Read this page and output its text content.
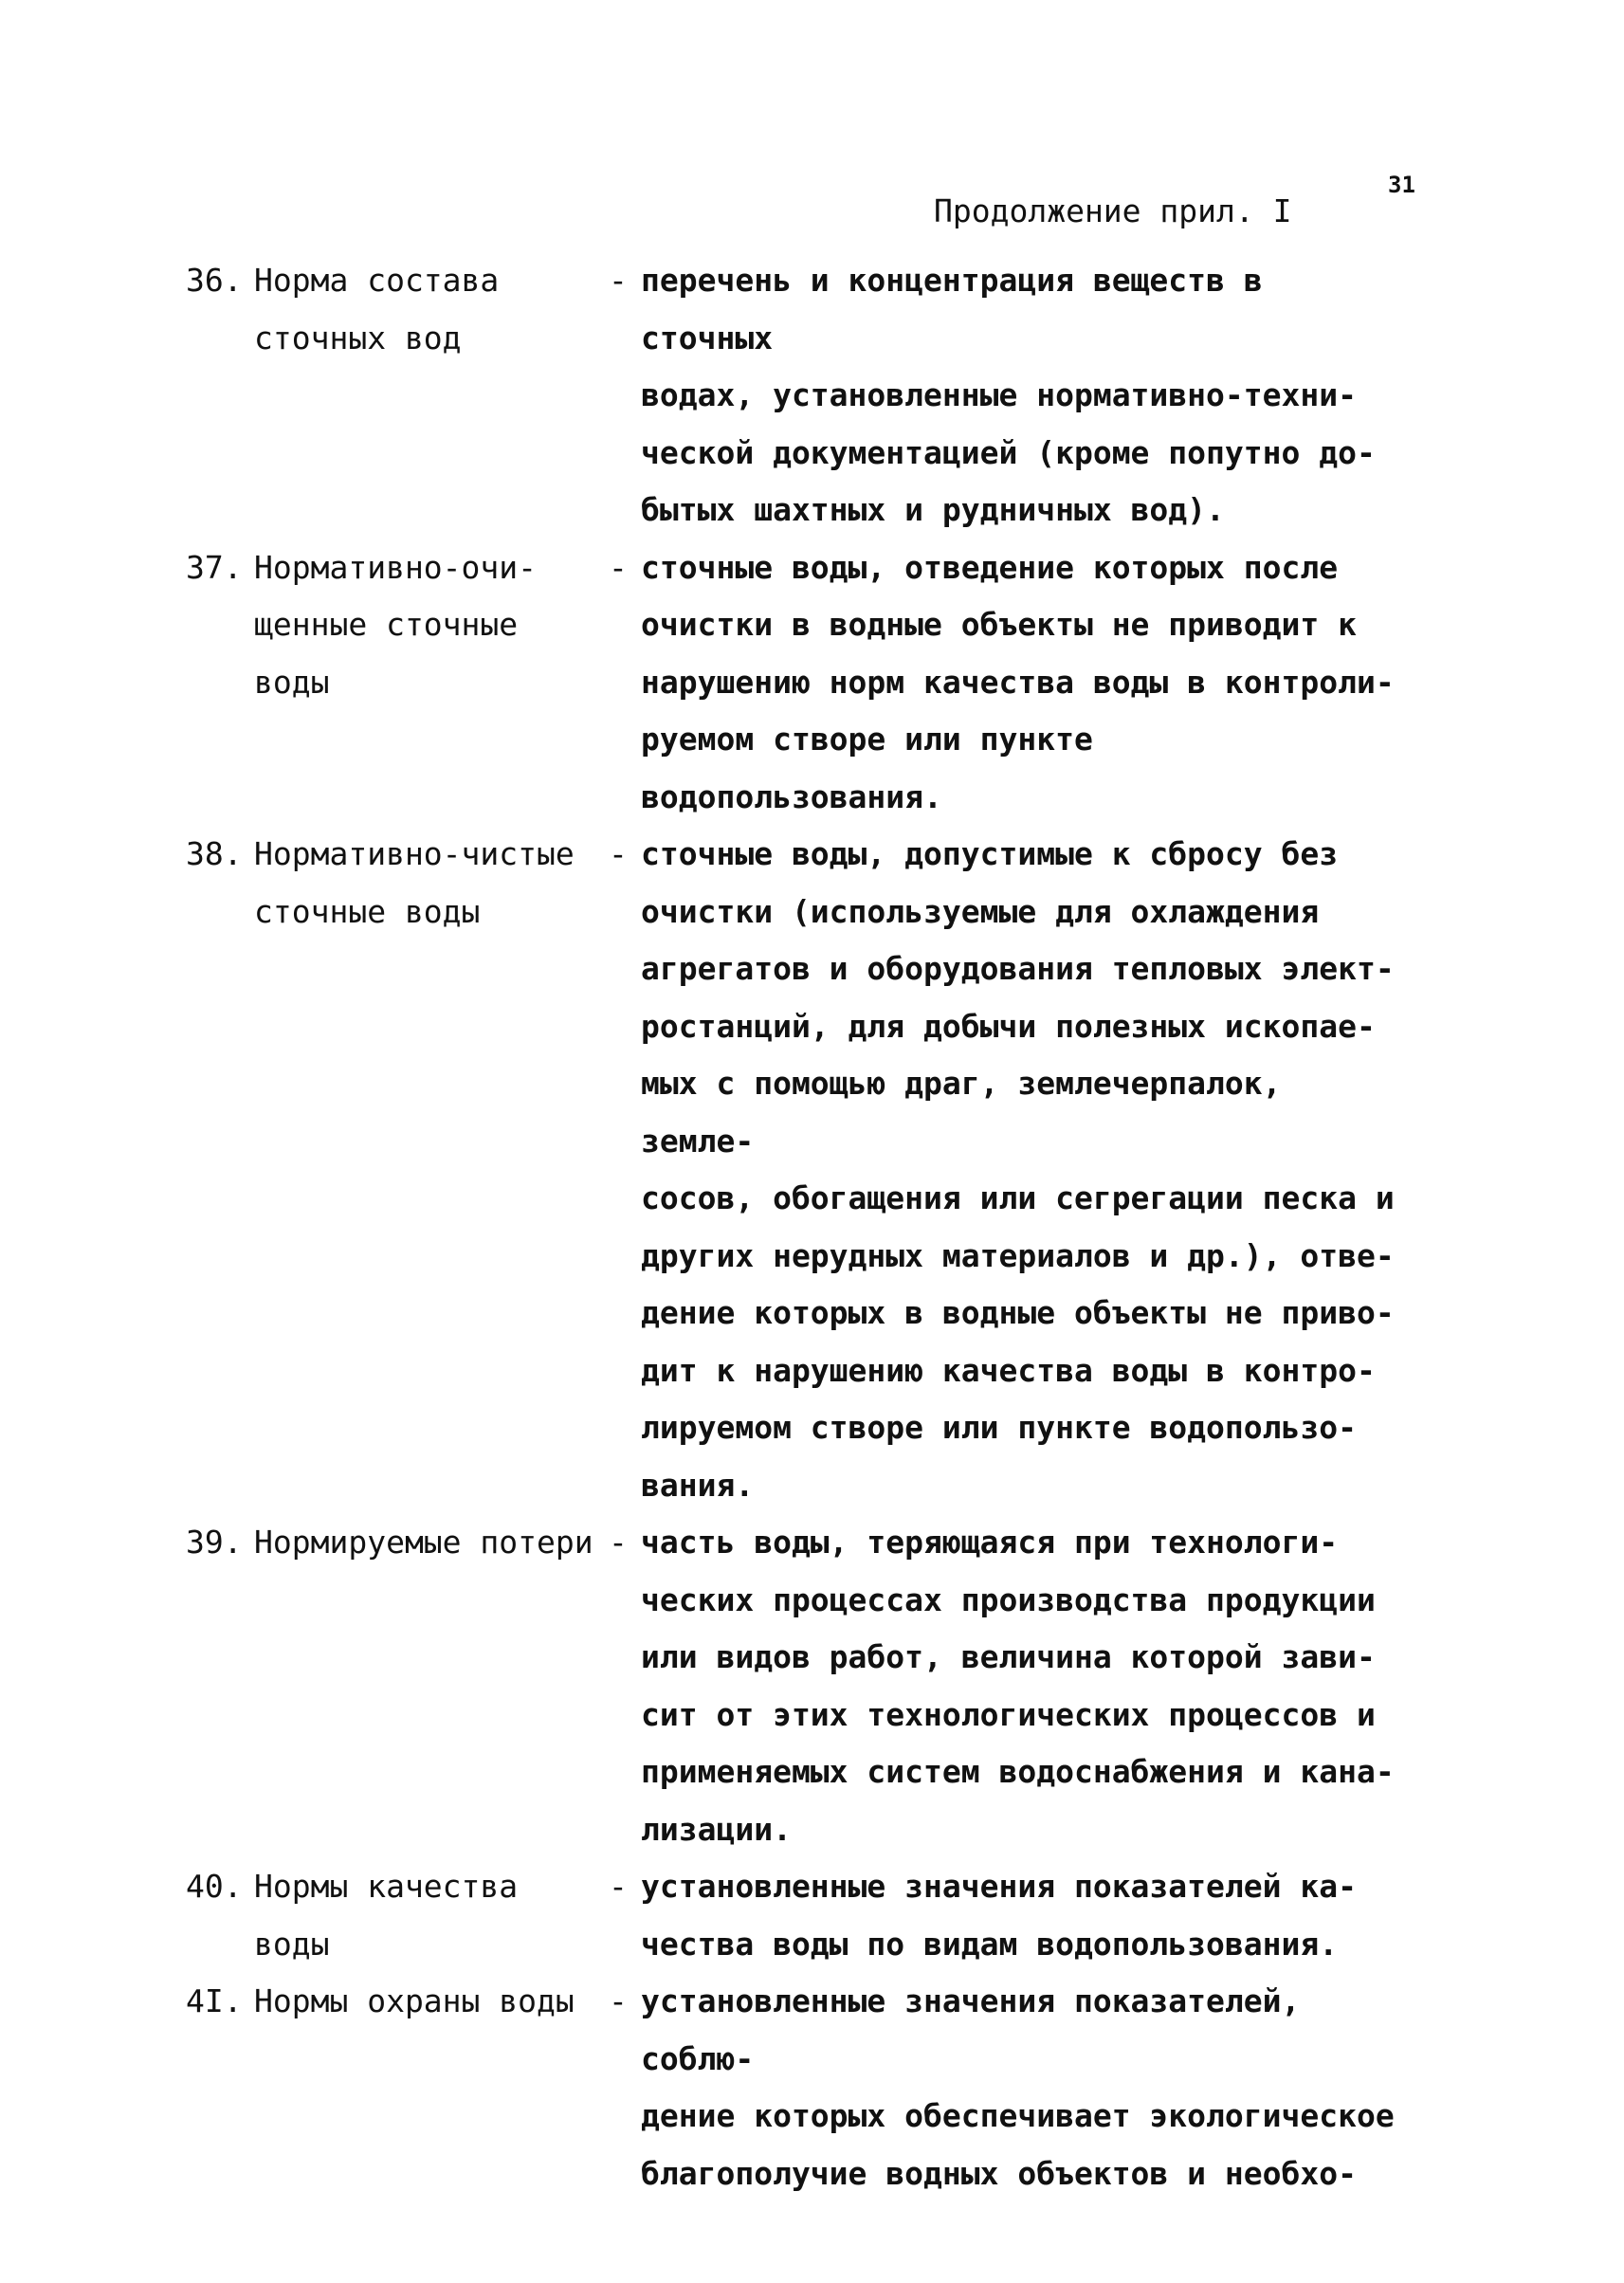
31
Продолжение прил. I
36. Норма состава
сточных вод
- перечень и концентрация веществ в сточных
водах, установленные нормативно-техни-
ческой документацией (кроме попутно до-
бытых шахтных и рудничных вод).
37. Нормативно-очи-
щенные сточные
воды
- сточные воды, отведение которых после
очистки в водные объекты не приводит к
нарушению норм качества воды в контроли-
руемом створе или пункте водопользования.
38. Нормативно-чистые
сточные воды
- сточные воды, допустимые к сбросу без
очистки (используемые для охлаждения
агрегатов и оборудования тепловых элект-
ростанций, для добычи полезных ископае-
мых с помощью драг, землечерпалок, земле-
сосов, обогащения или сегрегации песка и
других нерудных материалов и др.), отве-
дение которых в водные объекты не приво-
дит к нарушению качества воды в контро-
лируемом створе или пункте водопользо-
вания.
39. Нормируемые потери - часть воды, теряющаяся при технологи-
ческих процессах производства продукции
или видов работ, величина которой зави-
сит от этих технологических процессов и
применяемых систем водоснабжения и кана-
лизации.
40. Нормы качества воды
- установленные значения показателей ка-
чества воды по видам водопользования.
4I. Нормы охраны воды	- установленные значения показателей, соблю-
дение которых обеспечивает экологическое
благополучие водных объектов и необхо-
